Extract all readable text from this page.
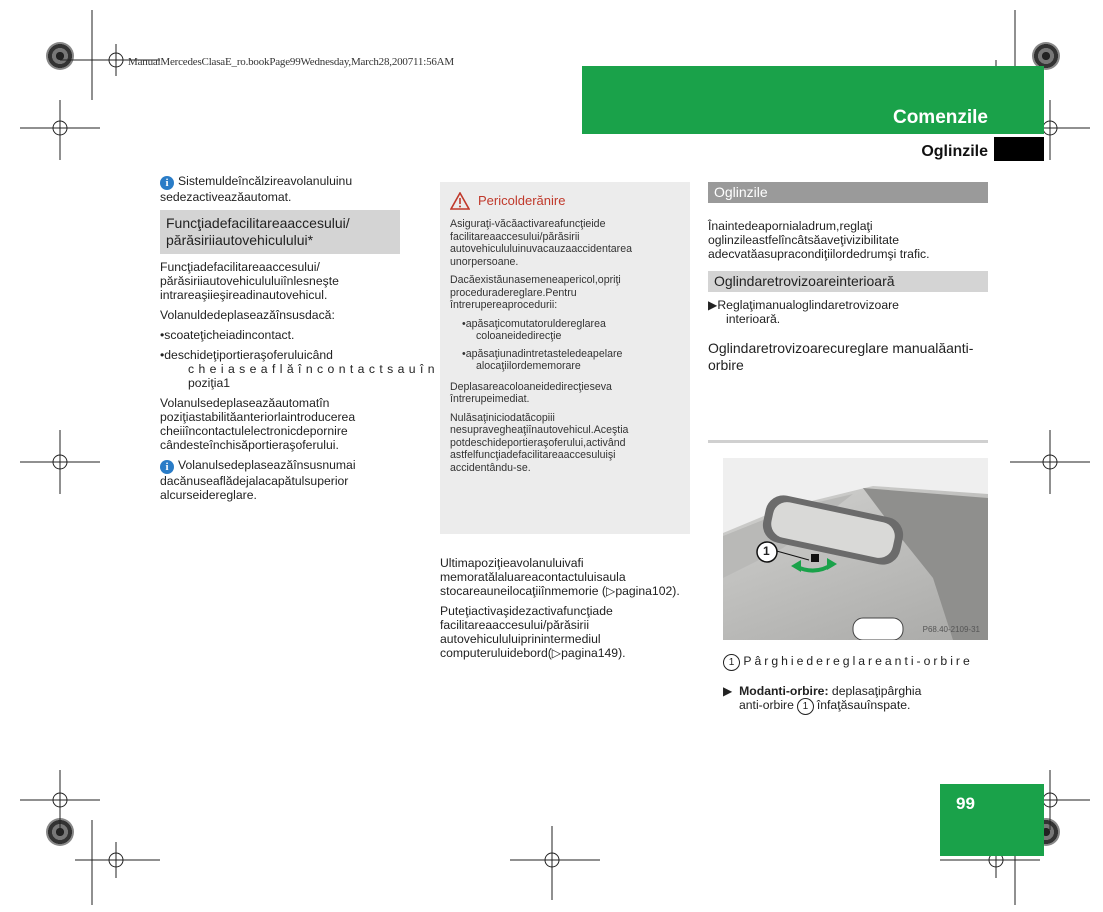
ManualMercedesClasaE_ro.bookPage99Wednesday,March28,200711:56AM
Comenzile
Oglinzile

i Sistemuldeîncălzireavolanuluinu sedezactiveazăautomat.

Funcţiadefacilitareaaccesului/ părăsiriiautovehiculului*

Funcţiadefacilitareaaccesului/ părăsiriiautovehicululuiînlesneşte intrareaşiieşireadinautovehicul.

Volanuldedeplaseazăînsusdacă:

•scoateţicheiadincontact.

•deschideţiportieraşoferuluicând
cheiaseaflăîncontactsauîn
poziţia1

Volanulsedeplaseazăautomatîn poziţiastabilităanteriorlaintroducerea cheiiîncontactulelectronicdepornire cândesteînchisăportieraşoferului.

i Volanulsedeplaseazăînsusnumai dacănuseaflădejalacapătulsuperior alcurseidereglare.

Pericolderănire

Asiguraţi-văcăactivareafuncţieide facilitareaaccesului/părăsirii autovehicululuinuvacauzaaccidentarea unorpersoane.

Dacăexistăunasemeneapericol,opriţi proceduradereglare.Pentru întrerupereaprocedurii:

•apăsaţicomutatoruldereglarea
coloaneidedirecţie
•apăsaţiunadintretasteledeapelare
alocaţiilordememorare

Deplasareacoloaneidedirecţieseva întrerupeimediat.

Nulăsaţiniciodatăcopiii nesupravegheaţiînautovehicul.Aceştia potdeschideportieraşoferului,activând astfelfuncţiadefacilitareaaccesuluişi accidentându-se.

Ultimapoziţieavolanuluivafi memoratălaluareacontactuluisaula stocareauneilocaţiiînmemorie (▷pagina102).

Puteţiactivaşidezactivafuncţiade facilitareaaccesului/părăsirii autovehicululuiprinintermediul computeruluidebord(▷pagina149).

Oglinzile

Înaintedeapornialadrum,reglaţi oglinzileastfelîncâtsăaveţivizibilitate adecvatăasupracondiţiilordedrumşi trafic.

Oglindaretrovizoareinterioară
▶Reglaţimanualoglindaretrovizoare
interioară.
Oglindaretrovizoarecureglare manualăanti-orbire
1
P68.40-2109-31
1 Pârghiedereglareanti-orbire
▶  Modanti-orbire: deplasaţipârghia
anti-orbire 1 înfaţăsauînspate.
99
